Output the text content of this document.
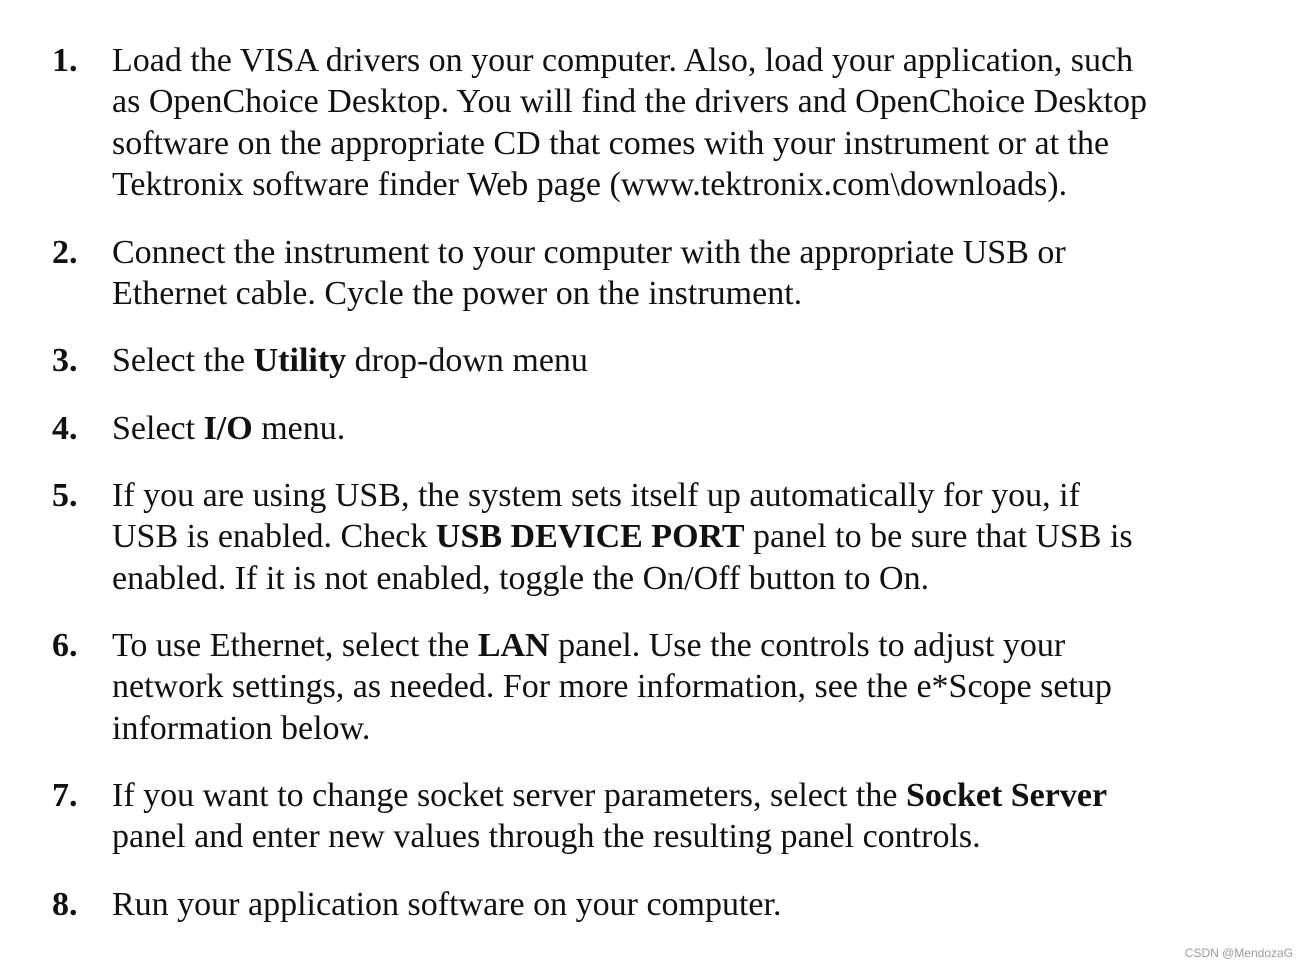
1.	Load the VISA drivers on your computer. Also, load your application, such
as OpenChoice Desktop. You will find the drivers and OpenChoice Desktop
software on the appropriate CD that comes with your instrument or at the
Tektronix software finder Web page (www.tektronix.com\downloads).
2.	Connect the instrument to your computer with the appropriate USB or
Ethernet cable. Cycle the power on the instrument.
3.	Select the Utility drop-down menu
4.	Select I/O menu.
5.	If you are using USB, the system sets itself up automatically for you, if
USB is enabled. Check USB DEVICE PORT panel to be sure that USB is
enabled. If it is not enabled, toggle the On/Off button to On.
6.	To use Ethernet, select the LAN panel. Use the controls to adjust your
network settings, as needed. For more information, see the e*Scope setup
information below.
7.	If you want to change socket server parameters, select the Socket Server
panel and enter new values through the resulting panel controls.
8.	Run your application software on your computer.
CSDN @MendozaG
